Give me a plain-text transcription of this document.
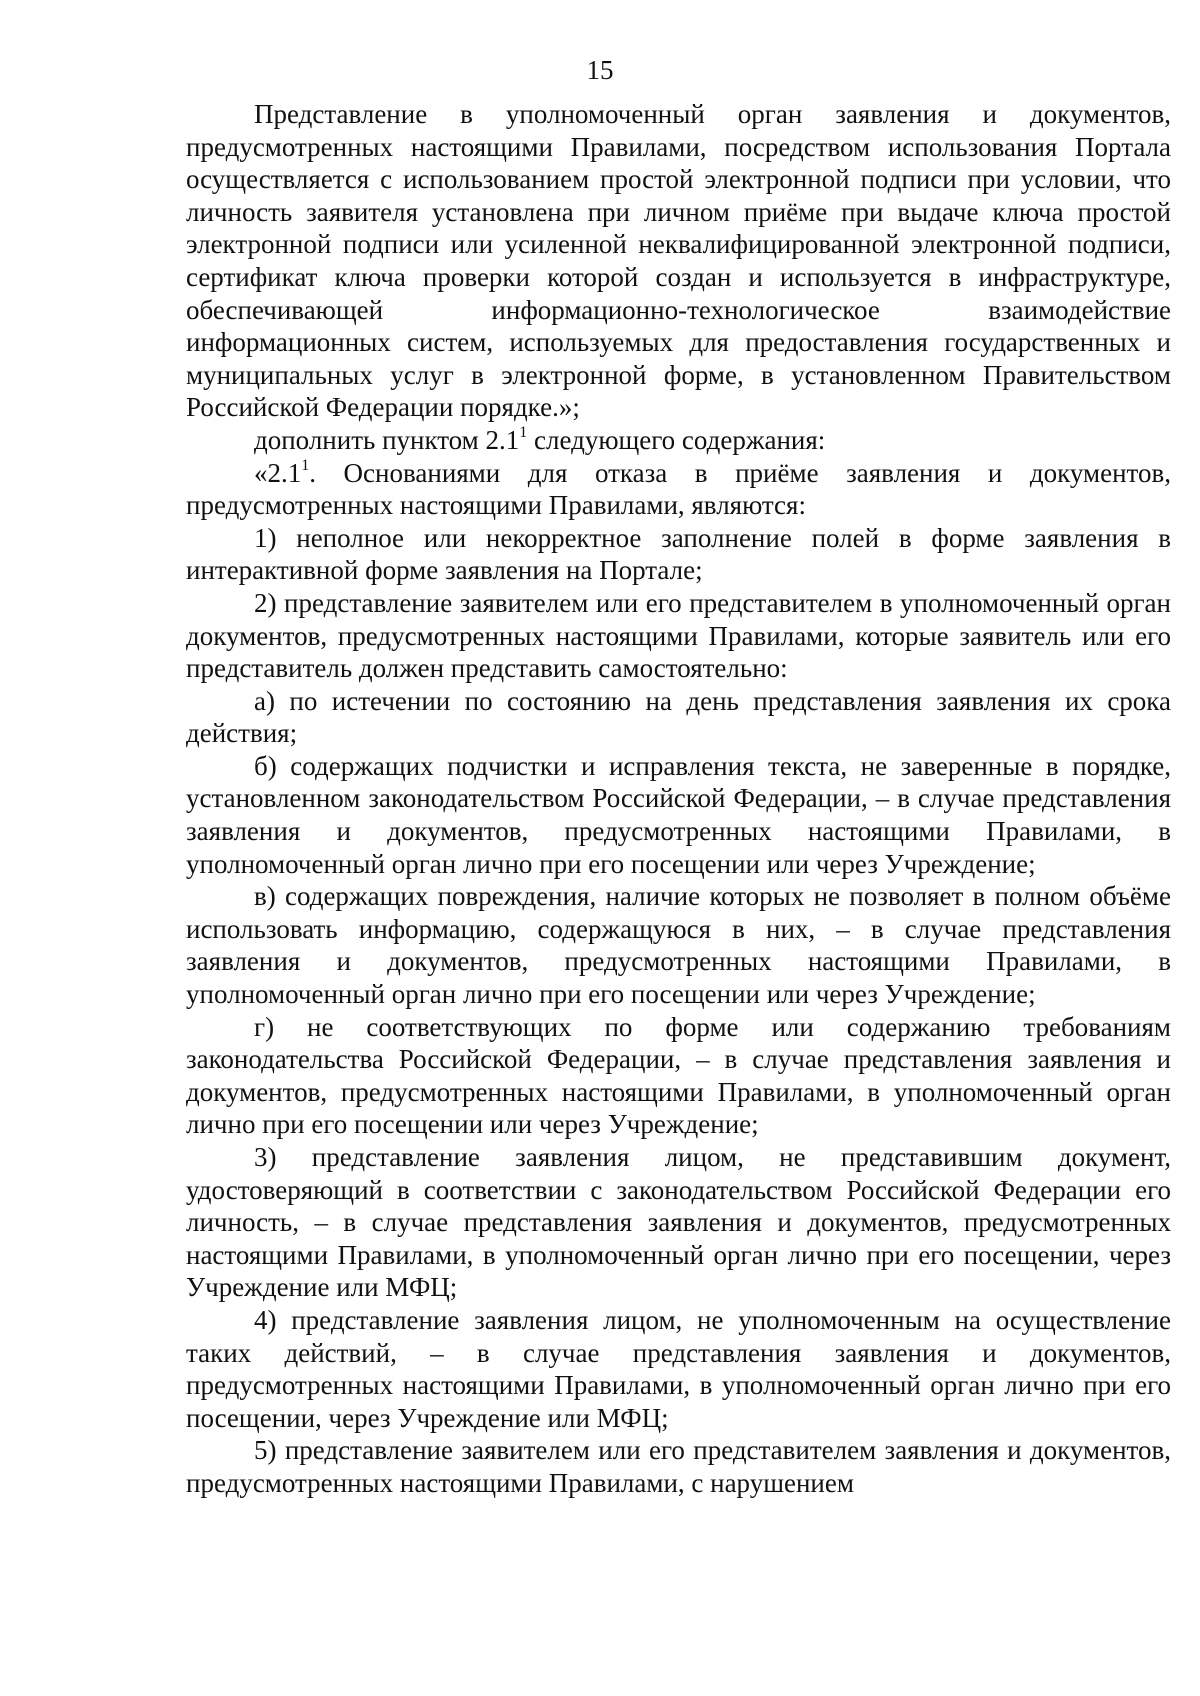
15

Представление в уполномоченный орган заявления и документов, предусмотренных настоящими Правилами, посредством использования Портала осуществляется с использованием простой электронной подписи при условии, что личность заявителя установлена при личном приёме при выдаче ключа простой электронной подписи или усиленной неквалифицированной электронной подписи, сертификат ключа проверки которой создан и используется в инфраструктуре, обеспечивающей информационно-технологическое взаимодействие информационных систем, используемых для предоставления государственных и муниципальных услуг в электронной форме, в установленном Правительством Российской Федерации порядке.»;

дополнить пунктом $2.1^1$ следующего содержания:

«$2.1^1$. Основаниями для отказа в приёме заявления и документов, предусмотренных настоящими Правилами, являются:

1) неполное или некорректное заполнение полей в форме заявления в интерактивной форме заявления на Портале;

2) представление заявителем или его представителем в уполномоченный орган документов, предусмотренных настоящими Правилами, которые заявитель или его представитель должен представить самостоятельно:

а) по истечении по состоянию на день представления заявления их срока действия;

б) содержащих подчистки и исправления текста, не заверенные в порядке, установленном законодательством Российской Федерации, – в случае представления заявления и документов, предусмотренных настоящими Правилами, в уполномоченный орган лично при его посещении или через Учреждение;

в) содержащих повреждения, наличие которых не позволяет в полном объёме использовать информацию, содержащуюся в них, – в случае представления заявления и документов, предусмотренных настоящими Правилами, в уполномоченный орган лично при его посещении или через Учреждение;

г) не соответствующих по форме или содержанию требованиям законодательства Российской Федерации, – в случае представления заявления и документов, предусмотренных настоящими Правилами, в уполномоченный орган лично при его посещении или через Учреждение;

3) представление заявления лицом, не представившим документ, удостоверяющий в соответствии с законодательством Российской Федерации его личность, – в случае представления заявления и документов, предусмотренных настоящими Правилами, в уполномоченный орган лично при его посещении, через Учреждение или МФЦ;

4) представление заявления лицом, не уполномоченным на осуществление таких действий, – в случае представления заявления и документов, предусмотренных настоящими Правилами, в уполномоченный орган лично при его посещении, через Учреждение или МФЦ;

5) представление заявителем или его представителем заявления и документов, предусмотренных настоящими Правилами, с нарушением
